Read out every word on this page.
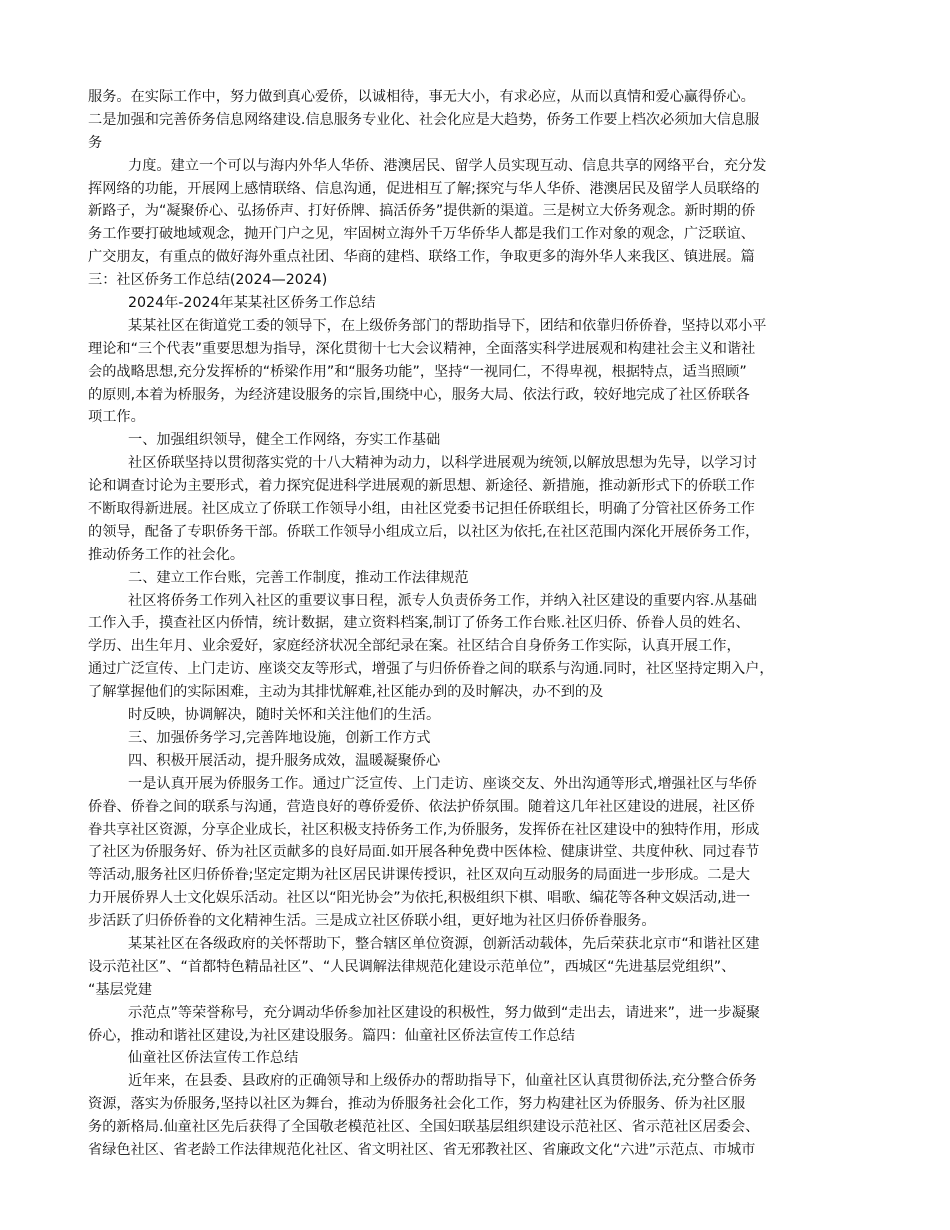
服务。在实际工作中，努力做到真心爱侨，以诚相待，事无大小，有求必应，从而以真情和爱心赢得侨心。
二是加强和完善侨务信息网络建设.信息服务专业化、社会化应是大趋势，侨务工作要上档次必须加大信息服
务
力度。建立一个可以与海内外华人华侨、港澳居民、留学人员实现互动、信息共享的网络平台，充分发
挥网络的功能，开展网上感情联络、信息沟通，促进相互了解;探究与华人华侨、港澳居民及留学人员联络的
新路子，为“凝聚侨心、弘扬侨声、打好侨牌、搞活侨务”提供新的渠道。三是树立大侨务观念。新时期的侨
务工作要打破地域观念，抛开门户之见，牢固树立海外千万华侨华人都是我们工作对象的观念，广泛联谊、
广交朋友，有重点的做好海外重点社团、华商的建档、联络工作，争取更多的海外华人来我区、镇进展。篇
三：社区侨务工作总结(2024—2024)
2024年-2024年某某社区侨务工作总结
某某社区在街道党工委的领导下，在上级侨务部门的帮助指导下，团结和依靠归侨侨眷，坚持以邓小平
理论和“三个代表”重要思想为指导，深化贯彻十七大会议精神，全面落实科学进展观和构建社会主义和谐社
会的战略思想,充分发挥桥的“桥梁作用”和“服务功能”，坚持“一视同仁，不得卑视，根据特点，适当照顾”
的原则,本着为桥服务，为经济建设服务的宗旨,围绕中心，服务大局、依法行政，较好地完成了社区侨联各
项工作。
一、加强组织领导，健全工作网络，夯实工作基础
社区侨联坚持以贯彻落实党的十八大精神为动力，以科学进展观为统领,以解放思想为先导，以学习讨
论和调查讨论为主要形式，着力探究促进科学进展观的新思想、新途径、新措施，推动新形式下的侨联工作
不断取得新进展。社区成立了侨联工作领导小组，由社区党委书记担任侨联组长，明确了分管社区侨务工作
的领导，配备了专职侨务干部。侨联工作领导小组成立后，以社区为依托,在社区范围内深化开展侨务工作，
推动侨务工作的社会化。
二、建立工作台账，完善工作制度，推动工作法律规范
社区将侨务工作列入社区的重要议事日程，派专人负责侨务工作，并纳入社区建设的重要内容.从基础
工作入手，摸查社区内侨情，统计数据，建立资料档案,制订了侨务工作台账.社区归侨、侨眷人员的姓名、
学历、出生年月、业余爱好，家庭经济状况全部纪录在案。社区结合自身侨务工作实际，认真开展工作，
通过广泛宣传、上门走访、座谈交友等形式，增强了与归侨侨眷之间的联系与沟通.同时，社区坚持定期入户，
了解掌握他们的实际困难，主动为其排忧解难,社区能办到的及时解决，办不到的及
时反映，协调解决，随时关怀和关注他们的生活。
三、加强侨务学习,完善阵地设施，创新工作方式
四、积极开展活动，提升服务成效，温暖凝聚侨心
一是认真开展为侨服务工作。通过广泛宣传、上门走访、座谈交友、外出沟通等形式,增强社区与华侨
侨眷、侨眷之间的联系与沟通，营造良好的尊侨爱侨、依法护侨氛围。随着这几年社区建设的进展，社区侨
眷共享社区资源，分享企业成长，社区积极支持侨务工作,为侨服务，发挥侨在社区建设中的独特作用，形成
了社区为侨服务好、侨为社区贡献多的良好局面.如开展各种免费中医体检、健康讲堂、共度仲秋、同过春节
等活动,服务社区归侨侨眷;坚定定期为社区居民讲课传授识，社区双向互动服务的局面进一步形成。二是大
力开展侨界人士文化娱乐活动。社区以“阳光协会”为依托,积极组织下棋、唱歌、编花等各种文娱活动,进一
步活跃了归侨侨眷的文化精神生活。三是成立社区侨联小组，更好地为社区归侨侨眷服务。
某某社区在各级政府的关怀帮助下，整合辖区单位资源，创新活动载体，先后荣获北京市“和谐社区建
设示范社区”、“首都特色精品社区”、“人民调解法律规范化建设示范单位”，西城区“先进基层党组织”、
“基层党建
示范点”等荣誉称号，充分调动华侨参加社区建设的积极性，努力做到“走出去，请进来”，进一步凝聚
侨心，推动和谐社区建设,为社区建设服务。篇四：仙童社区侨法宣传工作总结
仙童社区侨法宣传工作总结
近年来，在县委、县政府的正确领导和上级侨办的帮助指导下，仙童社区认真贯彻侨法,充分整合侨务
资源，落实为侨服务,坚持以社区为舞台，推动为侨服务社会化工作，努力构建社区为侨服务、侨为社区服
务的新格局.仙童社区先后获得了全国敬老模范社区、全国妇联基层组织建设示范社区、省示范社区居委会、
省绿色社区、省老龄工作法律规范化社区、省文明社区、省无邪教社区、省廉政文化“六进”示范点、市城市
